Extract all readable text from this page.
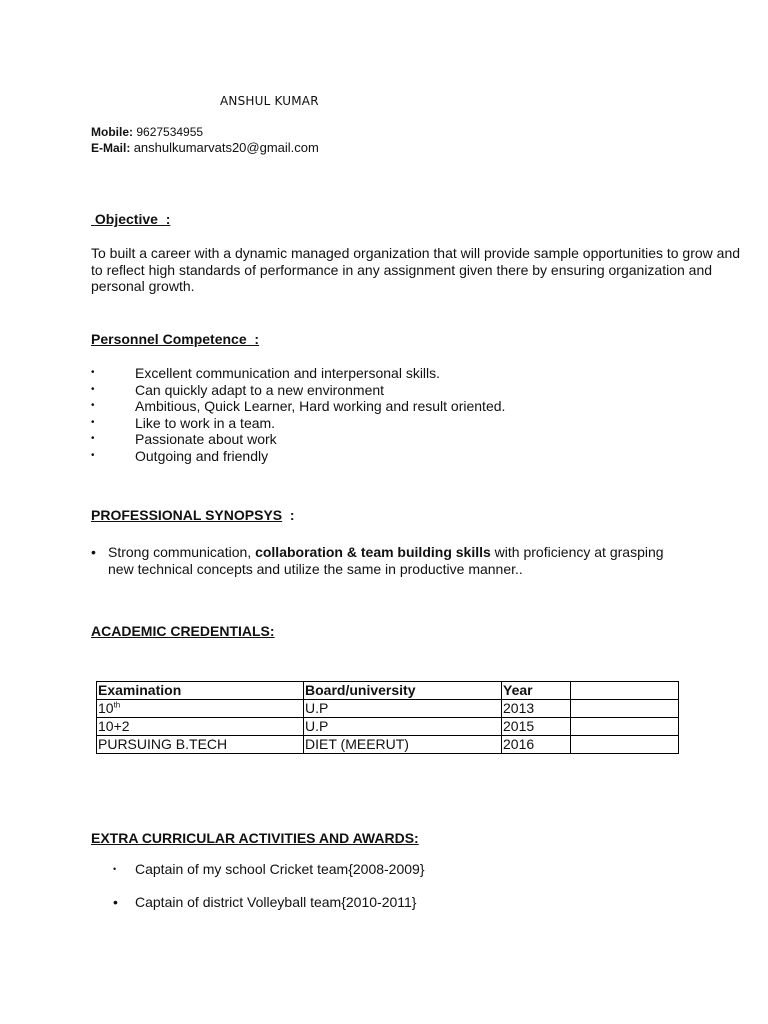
ANSHUL KUMAR
Mobile: 9627534955
E-Mail: anshulkumarvats20@gmail.com
Objective :
To built a career with a dynamic managed organization that will provide sample opportunities to grow and to reflect high standards of performance in any assignment given there by ensuring organization and personal growth.
Personnel Competence :
•	Excellent communication and interpersonal skills.
•	Can quickly adapt to a new environment
•	Ambitious, Quick Learner, Hard working and result oriented.
•	Like to work in a team.
•	Passionate about work
•	Outgoing and friendly
PROFESSIONAL SYNOPSYS :
• Strong communication, collaboration & team building skills with proficiency at grasping
new technical concepts and utilize the same in productive manner..
ACADEMIC CREDENTIALS:
Examination	Board/university	Year	
10th	U.P	2013	
10+2	U.P	2015	
PURSUING B.TECH	DIET (MEERUT)	2016	
EXTRA CURRICULAR ACTIVITIES AND AWARDS:
• Captain of my school Cricket team{2008-2009}
• Captain of district Volleyball team{2010-2011}
